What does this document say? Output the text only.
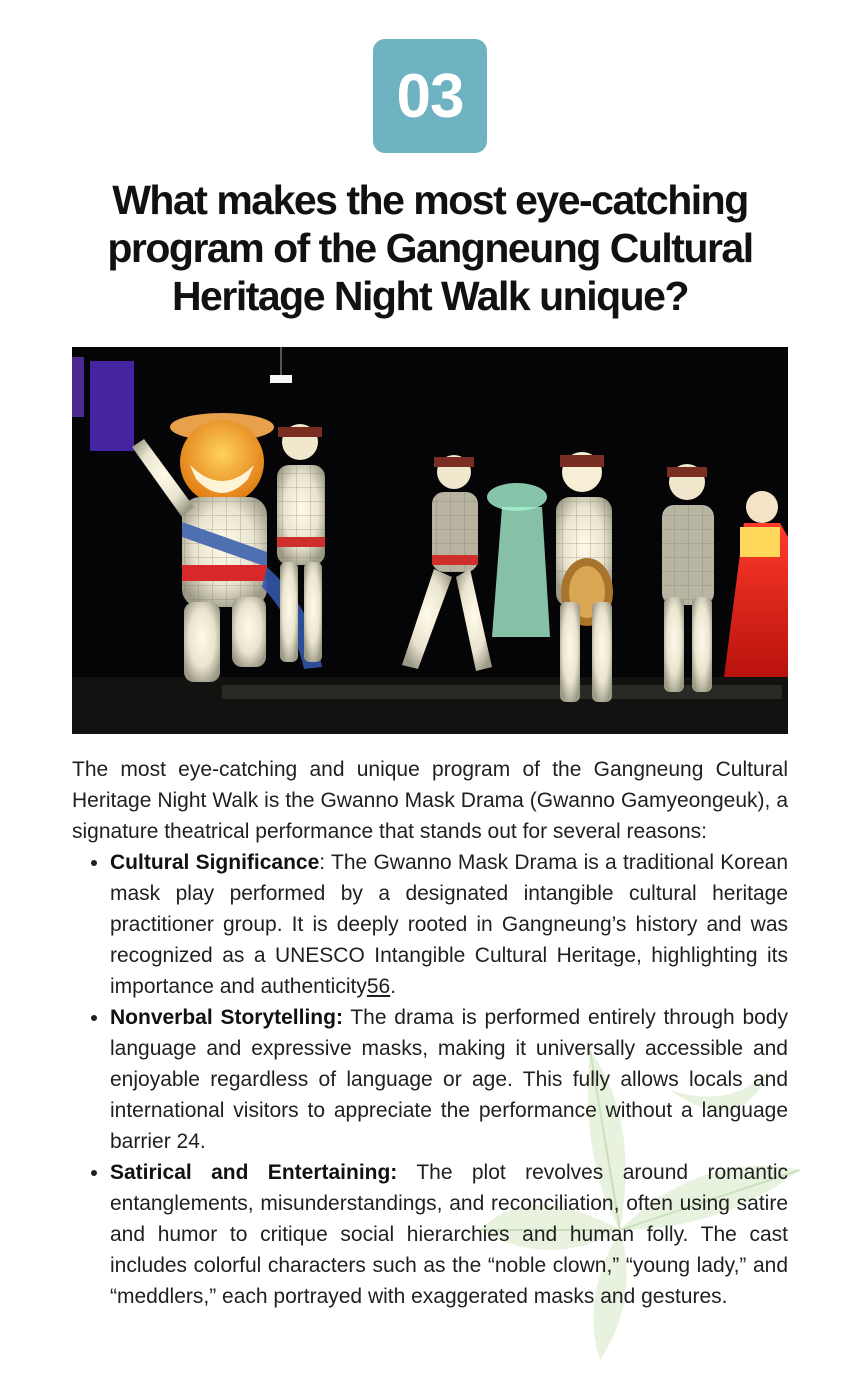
03
What makes the most eye-catching program of the Gangneung Cultural Heritage Night Walk unique?

The most eye-catching and unique program of the Gangneung Cultural Heritage Night Walk is the Gwanno Mask Drama (Gwanno Gamyeongeuk), a signature theatrical performance that stands out for several reasons:

• Cultural Significance: The Gwanno Mask Drama is a traditional Korean mask play performed by a designated intangible cultural heritage practitioner group. It is deeply rooted in Gangneung’s history and was recognized as a UNESCO Intangible Cultural Heritage, highlighting its importance and authenticity56.
• Nonverbal Storytelling: The drama is performed entirely through body language and expressive masks, making it universally accessible and enjoyable regardless of language or age. This fully allows locals and international visitors to appreciate the performance without a language barrier 24.
• Satirical and Entertaining: The plot revolves around romantic entanglements, misunderstandings, and reconciliation, often using satire and humor to critique social hierarchies and human folly. The cast includes colorful characters such as the “noble clown,” “young lady,” and “meddlers,” each portrayed with exaggerated masks and gestures.
